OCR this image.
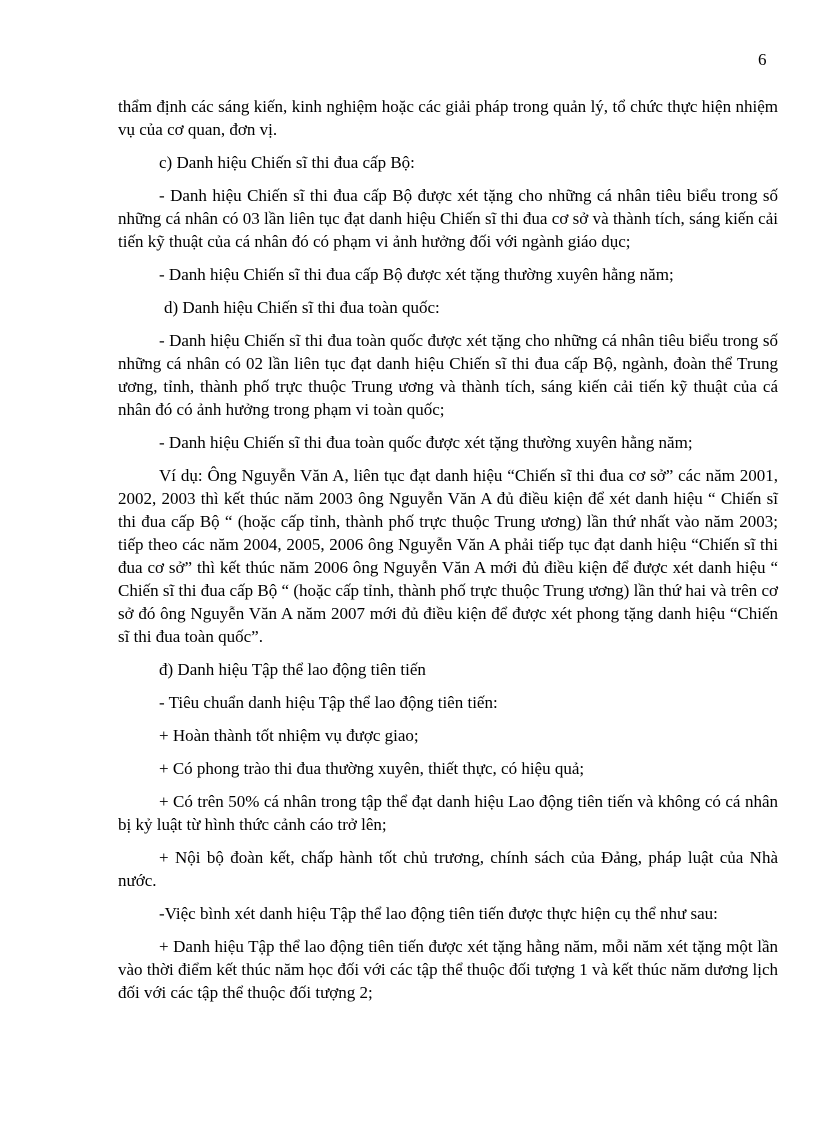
6

thẩm định các sáng kiến, kinh nghiệm hoặc các giải pháp trong quản lý, tổ chức thực hiện nhiệm vụ của cơ quan, đơn vị.

c) Danh hiệu Chiến sĩ thi đua cấp Bộ:

- Danh hiệu Chiến sĩ thi đua cấp Bộ được xét tặng cho những cá nhân tiêu biểu trong số những cá nhân có 03 lần liên tục đạt danh hiệu Chiến sĩ thi đua cơ sở và thành tích, sáng kiến cải tiến kỹ thuật của cá nhân đó có phạm vi ảnh hưởng đối với ngành giáo dục;

- Danh hiệu Chiến sĩ thi đua cấp Bộ được xét tặng thường xuyên hằng năm;

d) Danh hiệu Chiến sĩ thi đua toàn quốc:

- Danh hiệu Chiến sĩ thi đua toàn quốc được xét tặng cho những cá nhân tiêu biểu trong số những cá nhân có 02 lần liên tục đạt danh hiệu Chiến sĩ thi đua cấp Bộ, ngành, đoàn thể Trung ương, tỉnh, thành phố trực thuộc Trung ương và thành tích, sáng kiến cải tiến kỹ thuật của cá nhân đó có ảnh hưởng trong phạm vi toàn quốc;

- Danh hiệu Chiến sĩ thi đua toàn quốc được xét tặng thường xuyên hằng năm;

Ví dụ: Ông Nguyễn Văn A, liên tục đạt danh hiệu “Chiến sĩ thi đua cơ sở” các năm 2001, 2002, 2003 thì kết thúc năm 2003 ông Nguyễn Văn A đủ điều kiện để xét danh hiệu “ Chiến sĩ thi đua cấp Bộ “ (hoặc cấp tỉnh, thành phố trực thuộc Trung ương) lần thứ nhất vào năm 2003; tiếp theo các năm 2004, 2005, 2006 ông Nguyễn Văn A phải tiếp tục đạt danh hiệu “Chiến sĩ thi đua cơ sở” thì kết thúc năm 2006 ông Nguyễn Văn A mới đủ điều kiện để được xét danh hiệu “ Chiến sĩ thi đua cấp Bộ “ (hoặc cấp tỉnh, thành phố trực thuộc Trung ương) lần thứ hai và trên cơ sở đó ông Nguyễn Văn A năm 2007 mới đủ điều kiện để được xét phong tặng danh hiệu “Chiến sĩ thi đua toàn quốc”.

đ) Danh hiệu Tập thể lao động tiên tiến

- Tiêu chuẩn danh hiệu Tập thể lao động tiên tiến:

+ Hoàn thành tốt nhiệm vụ được giao;

+ Có phong trào thi đua thường xuyên, thiết thực, có hiệu quả;

+ Có trên 50% cá nhân trong tập thể đạt danh hiệu Lao động tiên tiến và không có cá nhân bị kỷ luật từ hình thức cảnh cáo trở lên;

+ Nội bộ đoàn kết, chấp hành tốt chủ trương, chính sách của Đảng, pháp luật của Nhà nước.

-Việc bình xét danh hiệu Tập thể lao động tiên tiến được thực hiện cụ thể như sau:

+ Danh hiệu Tập thể lao động tiên tiến được xét tặng hằng năm, mỗi năm xét tặng một lần vào thời điểm kết thúc năm học đối với các tập thể thuộc đối tượng 1 và kết thúc năm dương lịch đối với các tập thể thuộc đối tượng 2;
